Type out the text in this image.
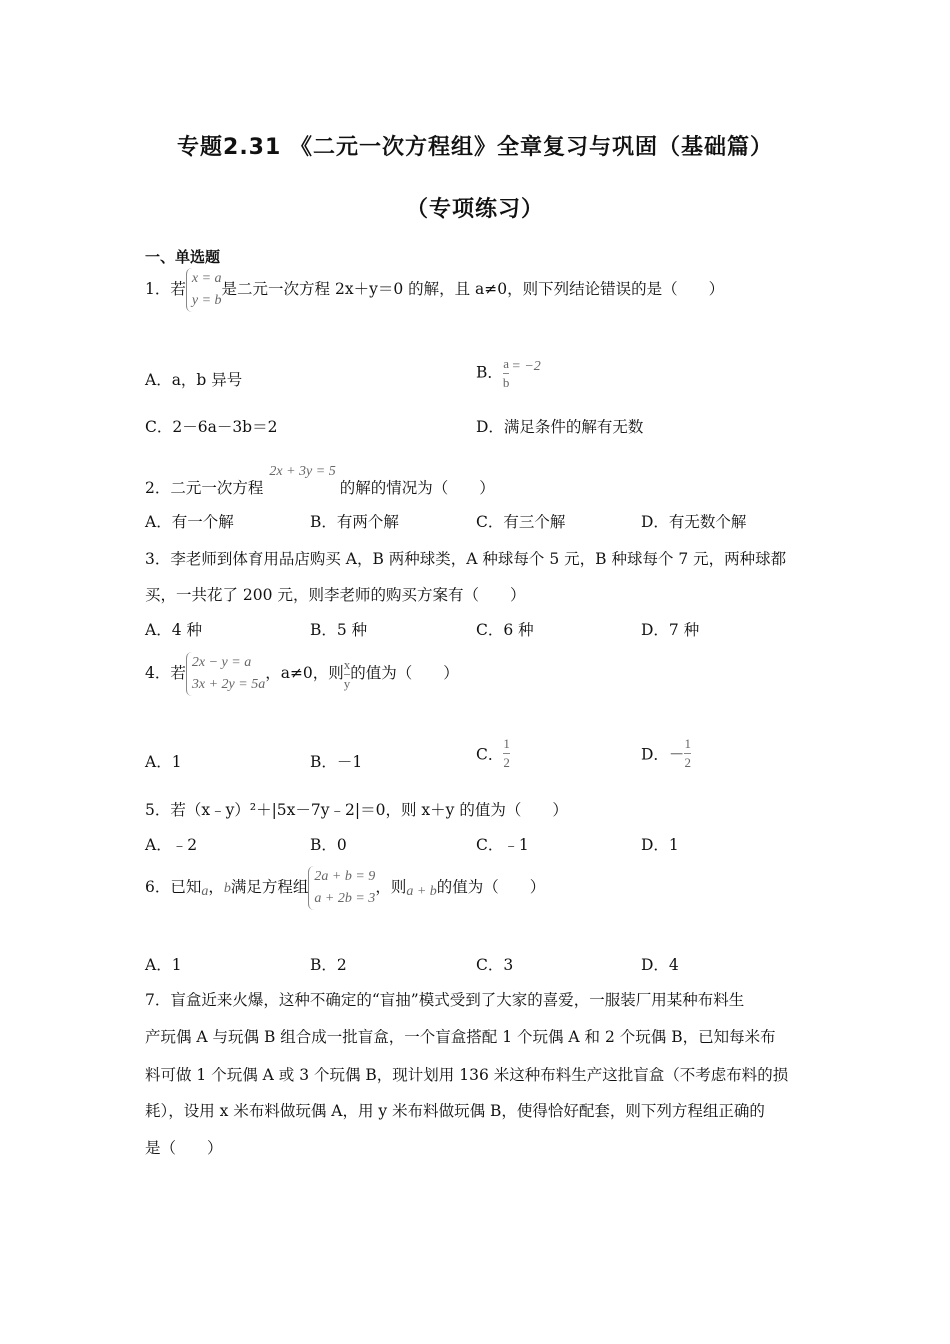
专题2.31 《二元一次方程组》全章复习与巩固（基础篇）
（专项练习）
一、单选题
1．若
x = a
y = b
是二元一次方程 2x＋y＝0 的解，且 a≠0，则下列结论错误的是（　　）
A．a，b 异号	B． $\frac{a}{b} = -2$
C．2－6a－3b＝2	D．满足条件的解有无数
2．二元一次方程2x + 3y = 5的解的情况为（　　）
A．有一个解	B．有两个解	C．有三个解	D．有无数个解
3．李老师到体育用品店购买 A，B 两种球类，A 种球每个 5 元，B 种球每个 7 元，两种球都
买，一共花了 200 元，则李老师的购买方案有（　　）
A．4 种	B．5 种	C．6 种	D．7 种
4．若
2x − y = a
3x + 2y = 5a
，a≠0，则 $\frac{x}{y}$ 的值为（　　）
A．1	B．－1	C． $\frac{1}{2}$	D．－ $\frac{1}{2}$
5．若（x﹣y）²＋|5x－7y﹣2|＝0，则 x＋y 的值为（　　）
A．﹣2	B．0	C．﹣1	D．1
6．已知a，b满足方程组
2a + b = 9
a + 2b = 3
，则a + b的值为（　　）
A．1	B．2	C．3	D．4
7．盲盒近来火爆，这种不确定的“盲抽”模式受到了大家的喜爱，一服装厂用某种布料生
产玩偶 A 与玩偶 B 组合成一批盲盒，一个盲盒搭配 1 个玩偶 A 和 2 个玩偶 B，已知每米布
料可做 1 个玩偶 A 或 3 个玩偶 B，现计划用 136 米这种布料生产这批盲盒（不考虑布料的损
耗），设用 x 米布料做玩偶 A，用 y 米布料做玩偶 B，使得恰好配套，则下列方程组正确的
是（　　）
